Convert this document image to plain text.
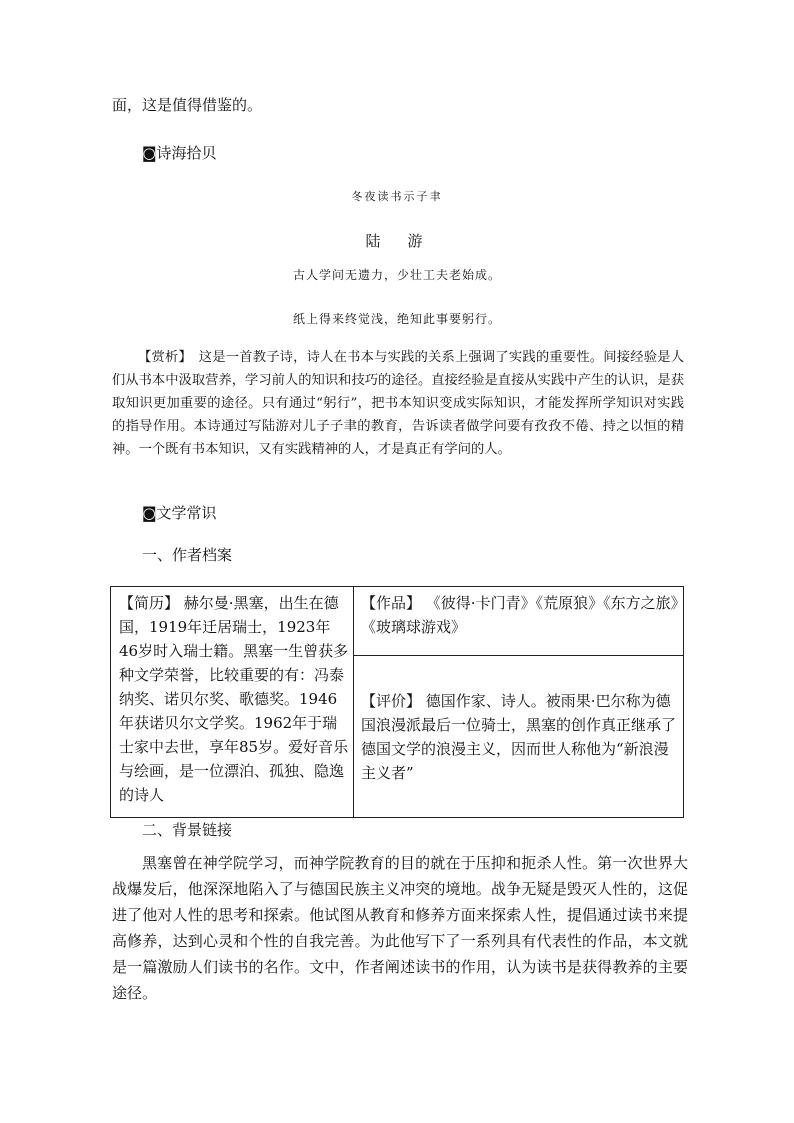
面，这是值得借鉴的。
◙诗海拾贝
冬夜读书示子聿
陆　游
古人学问无遗力，少壮工夫老始成。
纸上得来终觉浅，绝知此事要躬行。
【赏析】　这是一首教子诗，诗人在书本与实践的关系上强调了实践的重要性。间接经验是人们从书本中汲取营养，学习前人的知识和技巧的途径。直接经验是直接从实践中产生的认识，是获取知识更加重要的途径。只有通过“躬行”，把书本知识变成实际知识，才能发挥所学知识对实践的指导作用。本诗通过写陆游对儿子子聿的教育，告诉读者做学问要有孜孜不倦、持之以恒的精神。一个既有书本知识，又有实践精神的人，才是真正有学问的人。
◙文学常识
一、作者档案
【简历】 赫尔曼·黑塞，出生在德国，1919年迁居瑞士，1923年46岁时入瑞士籍。黑塞一生曾获多种文学荣誉，比较重要的有：冯泰纳奖、诺贝尔奖、歌德奖。1946年获诺贝尔文学奖。1962年于瑞士家中去世，享年85岁。爱好音乐与绘画，是一位漂泊、孤独、隐逸的诗人
【作品】 《彼得·卡门青》《荒原狼》《东方之旅》《玻璃球游戏》
【评价】 德国作家、诗人。被雨果·巴尔称为德国浪漫派最后一位骑士，黑塞的创作真正继承了德国文学的浪漫主义，因而世人称他为“新浪漫主义者”
二、背景链接
黑塞曾在神学院学习，而神学院教育的目的就在于压抑和扼杀人性。第一次世界大战爆发后，他深深地陷入了与德国民族主义冲突的境地。战争无疑是毁灭人性的，这促进了他对人性的思考和探索。他试图从教育和修养方面来探索人性，提倡通过读书来提高修养，达到心灵和个性的自我完善。为此他写下了一系列具有代表性的作品，本文就是一篇激励人们读书的名作。文中，作者阐述读书的作用，认为读书是获得教养的主要途径。
